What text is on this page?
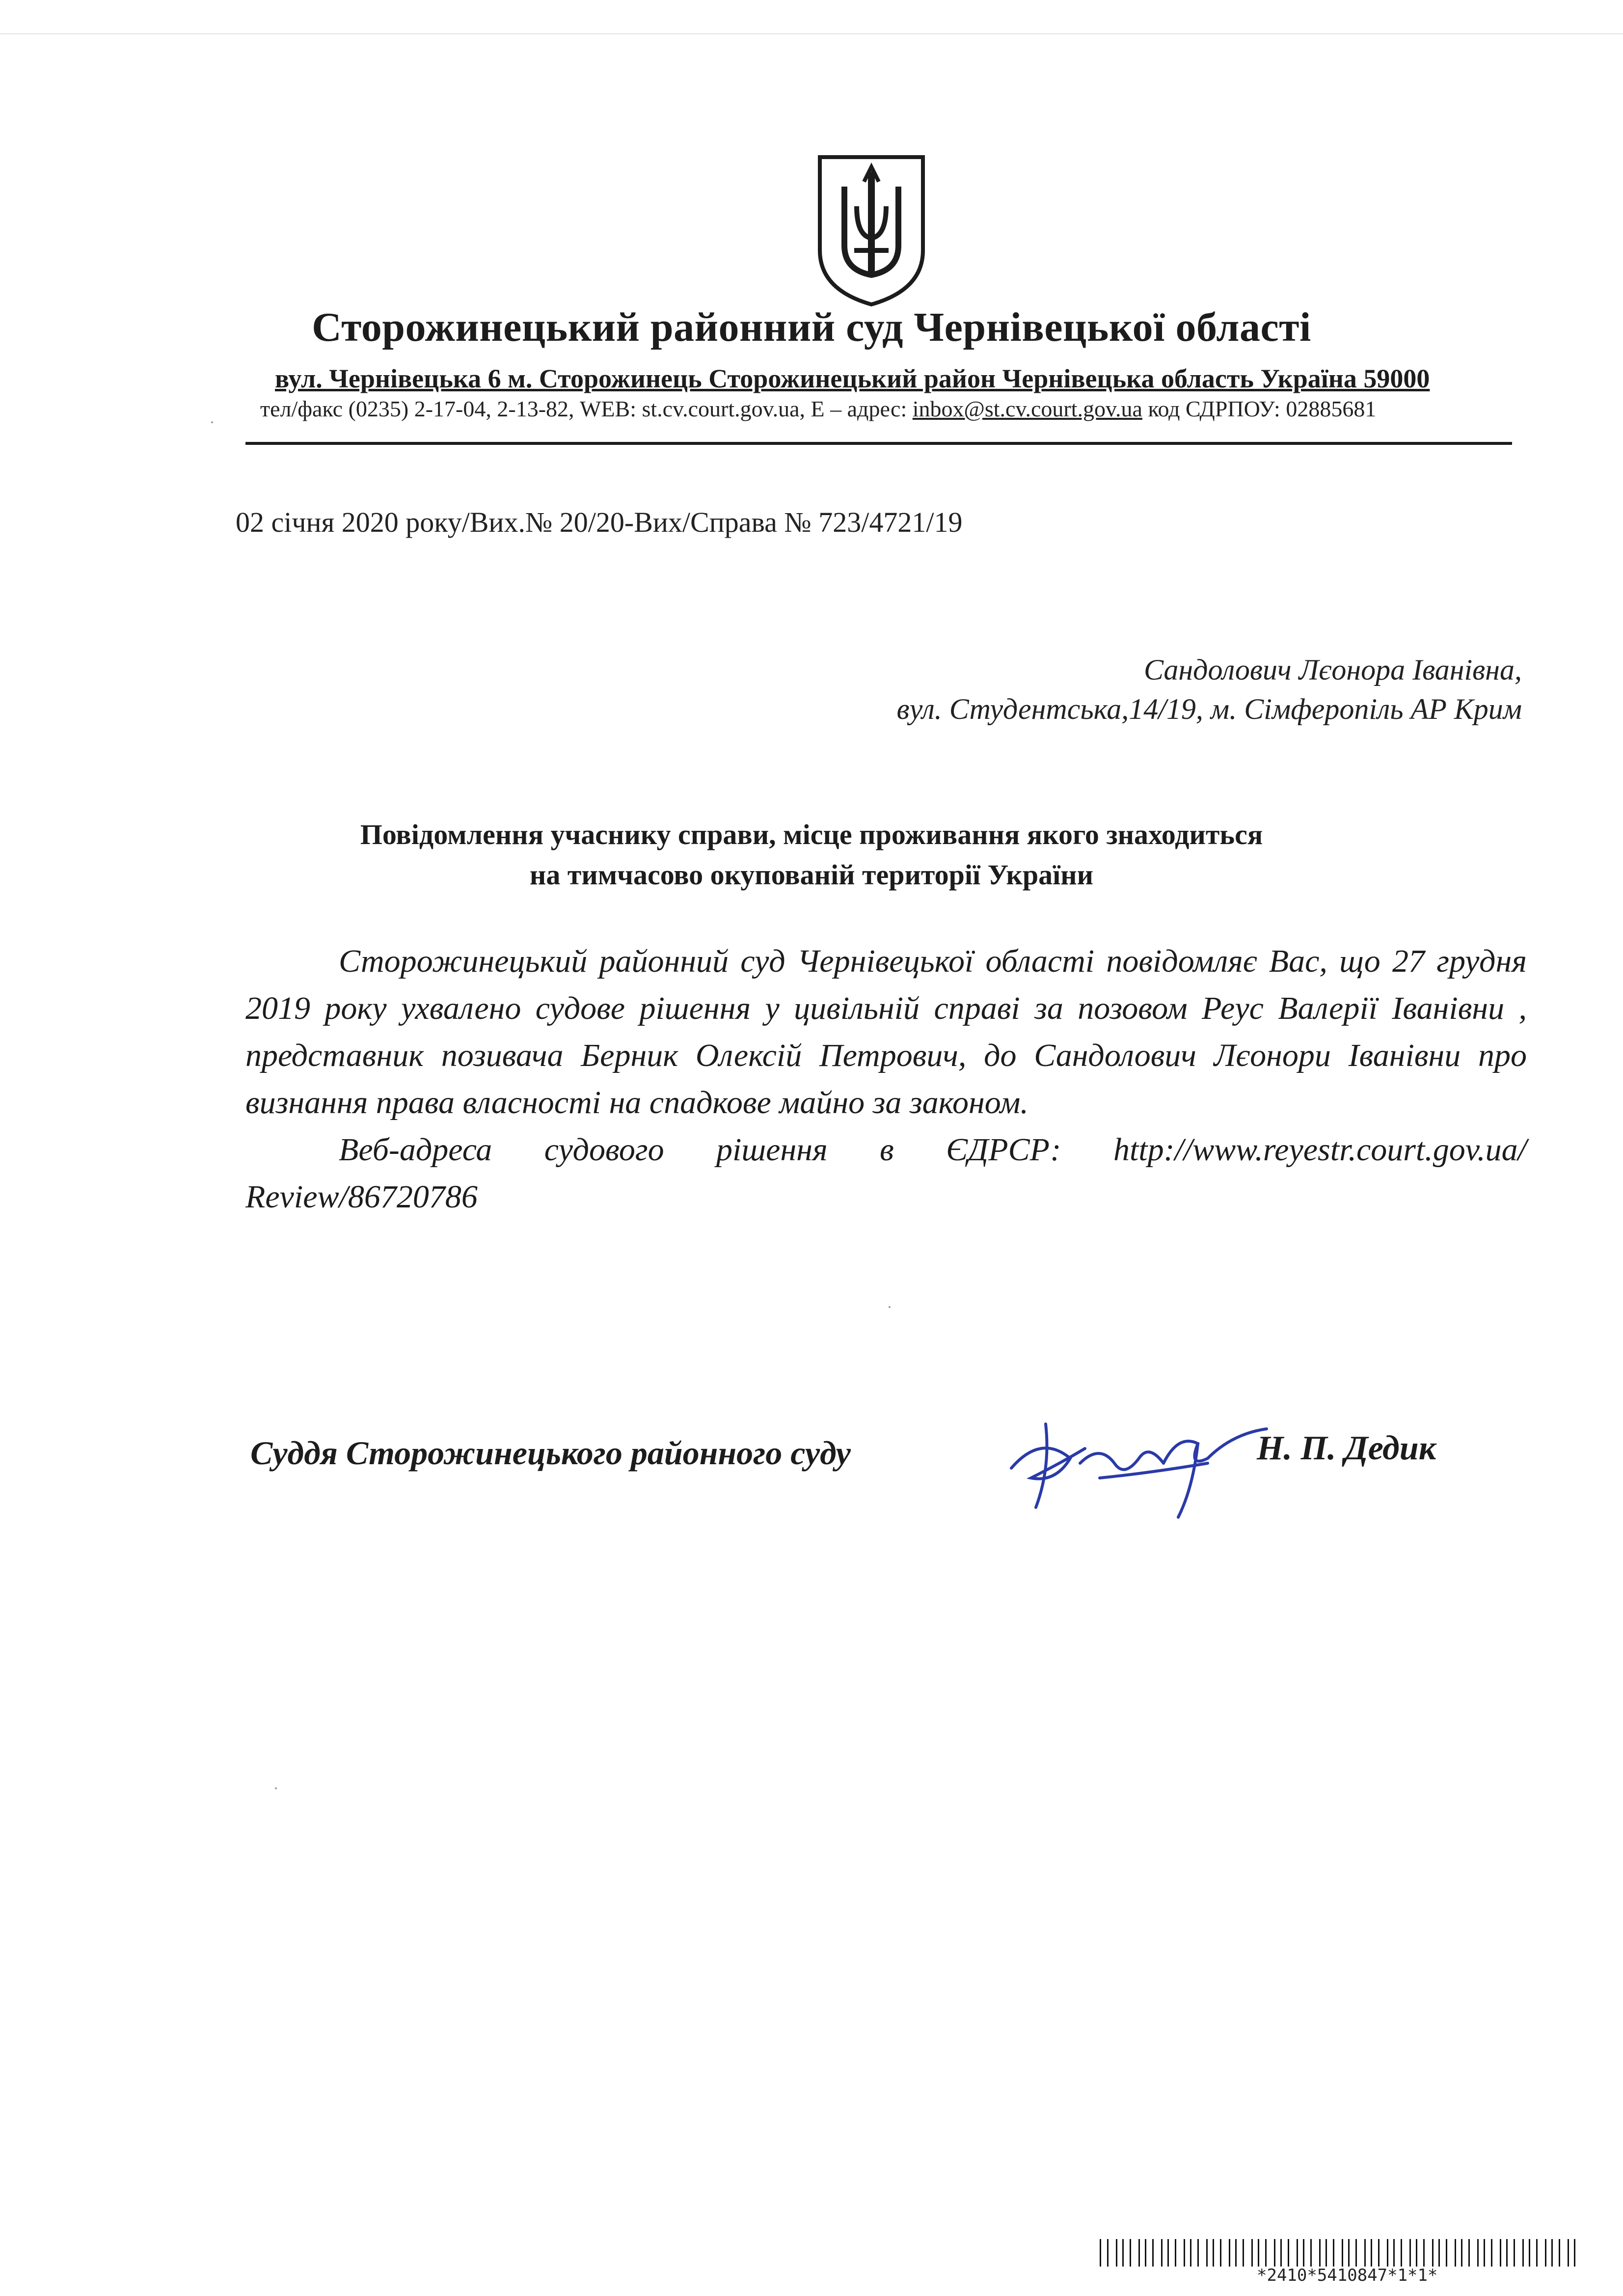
Сторожинецький районний суд Чернівецької області
вул. Чернівецька 6 м. Сторожинець Сторожинецький район Чернівецька область Україна 59000
тел/факс (0235) 2-17-04, 2-13-82, WEB: st.cv.court.gov.ua, Е – адрес: inbox@st.cv.court.gov.ua код СДРПОУ: 02885681
02 січня 2020 року/Вих.№ 20/20-Вих/Справа № 723/4721/19
Сандолович Лєонора Іванівна,
вул. Студентська,14/19, м. Сімферопіль АР Крим
Повідомлення учаснику справи, місце проживання якого знаходиться
на тимчасово окупованій території України

Сторожинецький районний суд Чернівецької області повідомляє Вас, що 27 грудня 2019 року ухвалено судове рішення у цивільній справі за позовом Реус Валерії Іванівни , представник позивача Берник Олексій Петрович, до Сандолович Лєонори Іванівни про визнання права власності на спадкове майно за законом.

Веб-адреса судового рішення в ЄДРСР: http://www.reyestr.court.gov.ua/ Review/86720786

Суддя Сторожинецького районного суду	Н. П. Дедик
*2410*5410847*1*1*
